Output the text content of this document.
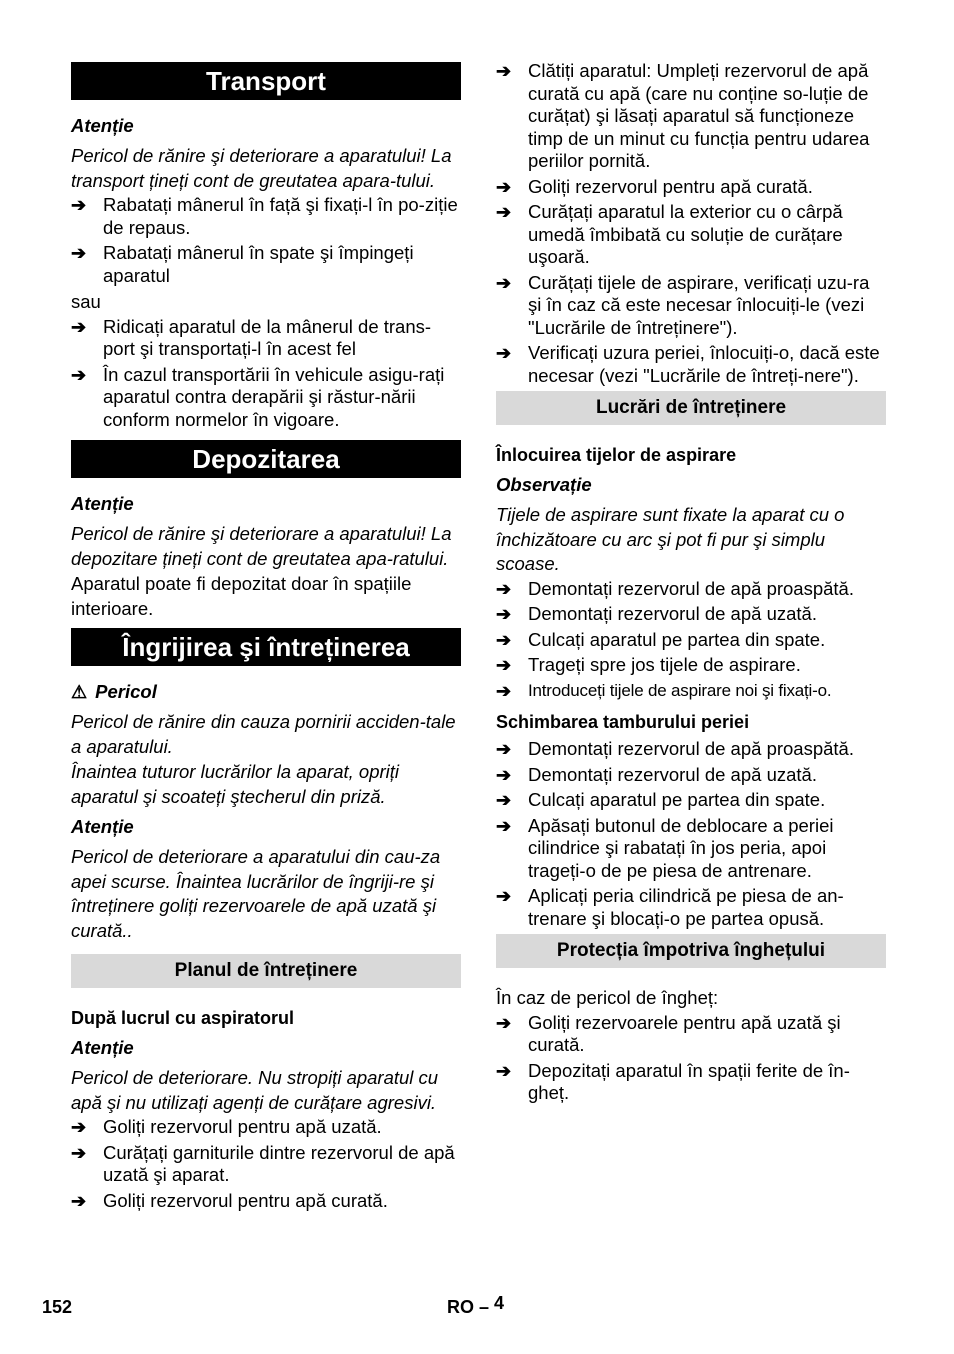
Transport
Atenție
Pericol de rănire şi deteriorare a aparatului! La transport țineți cont de greutatea apara-tului.
➔ Rabatați mânerul în față şi fixați-l în po-ziție de repaus.
➔ Rabatați mânerul în spate şi împingeți aparatul
sau
➔ Ridicați aparatul de la mânerul de trans-port şi transportați-l în acest fel
➔ În cazul transportării în vehicule asigu-rați aparatul contra derapării şi răstur-nării conform normelor în vigoare.
Depozitarea
Atenție
Pericol de rănire şi deteriorare a aparatului! La depozitare țineți cont de greutatea apa-ratului.
Aparatul poate fi depozitat doar în spațiile interioare.
Îngrijirea şi întreținerea
⚠ Pericol
Pericol de rănire din cauza pornirii acciden-tale a aparatului.
Înaintea tuturor lucrărilor la aparat, opriți aparatul şi scoateți ştecherul din priză.
Atenție
Pericol de deteriorare a aparatului din cau-za apei scurse. Înaintea lucrărilor de îngriji-re şi întreținere goliți rezervoarele de apă uzată şi curată..
Planul de întreținere
După lucrul cu aspiratorul
Atenție
Pericol de deteriorare. Nu stropiți aparatul cu apă şi nu utilizați agenți de curățare agresivi.
➔ Goliți rezervorul pentru apă uzată.
➔ Curățați garniturile dintre rezervorul de apă uzată şi aparat.
➔ Goliți rezervorul pentru apă curată.
➔ Clătiți aparatul: Umpleți rezervorul de apă curată cu apă (care nu conține so-luție de curățat) şi lăsați aparatul să funcționeze timp de un minut cu funcția pentru udarea periilor pornită.
➔ Goliți rezervorul pentru apă curată.
➔ Curățați aparatul la exterior cu o cârpă umedă îmbibată cu soluție de curățare uşoară.
➔ Curățați tijele de aspirare, verificați uzu-ra şi în caz că este necesar înlocuiți-le (vezi "Lucrările de întreținere").
➔ Verificați uzura periei, înlocuiți-o, dacă este necesar (vezi "Lucrările de întreți-nere").
Lucrări de întreținere
Înlocuirea tijelor de aspirare
Observație
Tijele de aspirare sunt fixate la aparat cu o închizătoare cu arc şi pot fi pur şi simplu scoase.
➔ Demontați rezervorul de apă proaspătă.
➔ Demontați rezervorul de apă uzată.
➔ Culcați aparatul pe partea din spate.
➔ Trageți spre jos tijele de aspirare.
➔ Introduceți tijele de aspirare noi şi fixați-o.
Schimbarea tamburului periei
➔ Demontați rezervorul de apă proaspătă.
➔ Demontați rezervorul de apă uzată.
➔ Culcați aparatul pe partea din spate.
➔ Apăsați butonul de deblocare a periei cilindrice şi rabatați în jos peria, apoi trageți-o de pe piesa de antrenare.
➔ Aplicați peria cilindrică pe piesa de an-trenare şi blocați-o pe partea opusă.
Protecția împotriva înghețului
În caz de pericol de îngheț:
➔ Goliți rezervoarele pentru apă uzată şi curată.
➔ Depozitați aparatul în spații ferite de în-gheț.
152	RO – 4
